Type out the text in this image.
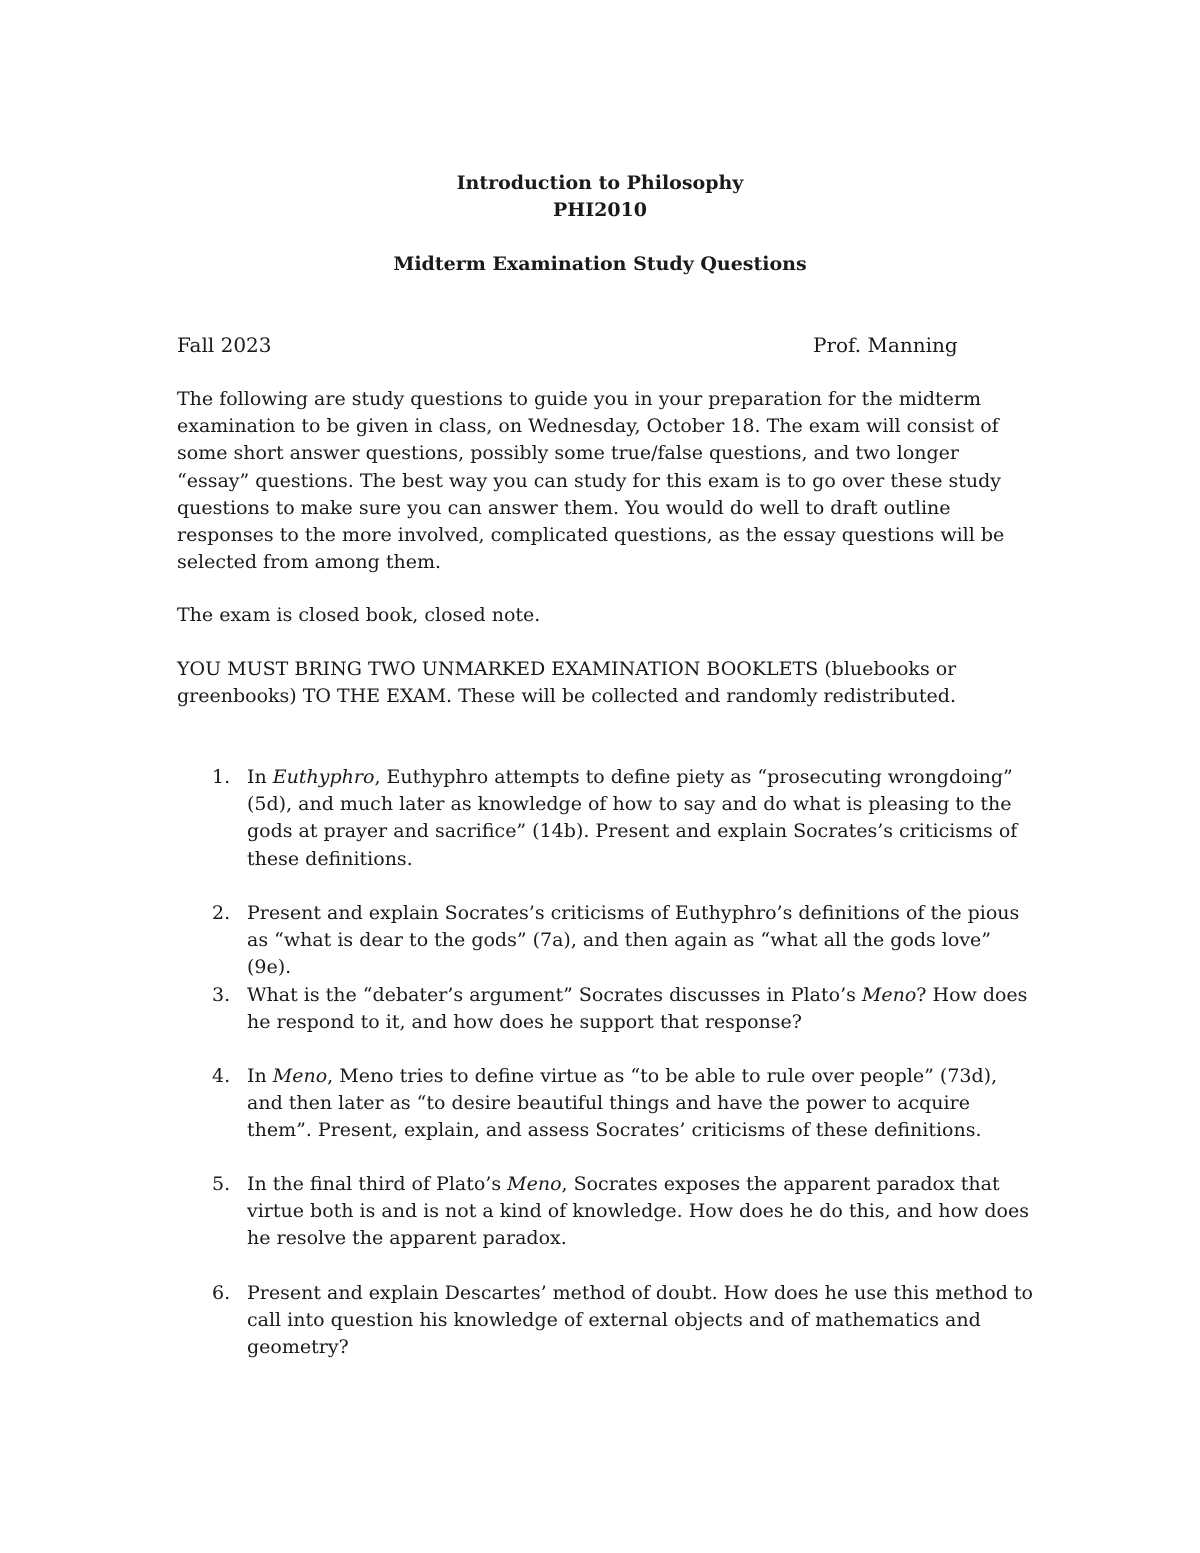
Introduction to Philosophy
PHI2010
Midterm Examination Study Questions
Fall 2023	Prof. Manning
The following are study questions to guide you in your preparation for the midterm examination to be given in class, on Wednesday, October 18. The exam will consist of some short answer questions, possibly some true/false questions, and two longer “essay” questions. The best way you can study for this exam is to go over these study questions to make sure you can answer them. You would do well to draft outline responses to the more involved, complicated questions, as the essay questions will be selected from among them.
The exam is closed book, closed note.
YOU MUST BRING TWO UNMARKED EXAMINATION BOOKLETS (bluebooks or greenbooks) TO THE EXAM. These will be collected and randomly redistributed.
1. In Euthyphro, Euthyphro attempts to define piety as “prosecuting wrongdoing” (5d), and much later as knowledge of how to say and do what is pleasing to the gods at prayer and sacrifice” (14b). Present and explain Socrates’s criticisms of these definitions.
2. Present and explain Socrates’s criticisms of Euthyphro’s definitions of the pious as “what is dear to the gods” (7a), and then again as “what all the gods love” (9e).
3. What is the “debater’s argument” Socrates discusses in Plato’s Meno? How does he respond to it, and how does he support that response?
4. In Meno, Meno tries to define virtue as “to be able to rule over people” (73d), and then later as “to desire beautiful things and have the power to acquire them”. Present, explain, and assess Socrates’ criticisms of these definitions.
5. In the final third of Plato’s Meno, Socrates exposes the apparent paradox that virtue both is and is not a kind of knowledge. How does he do this, and how does he resolve the apparent paradox.
6. Present and explain Descartes’ method of doubt. How does he use this method to call into question his knowledge of external objects and of mathematics and geometry?
